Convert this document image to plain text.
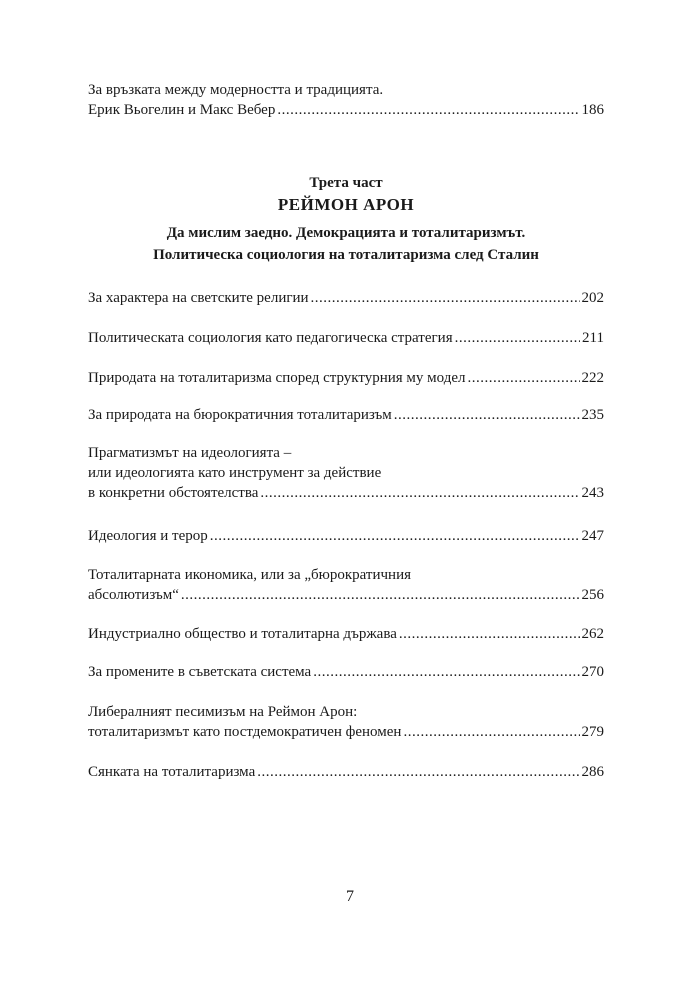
За връзката между модерността и традицията.
Ерик Вьогелин и Макс Вебер .....	186
Трета част
РЕЙМОН АРОН
Да мислим заедно. Демокрацията и тоталитаризмът.
Политическа социология на тоталитаризма след Сталин
За характера на светските религии .....	202
Политическата социология като педагогическа стратегия .....	211
Природата на тоталитаризма според структурния му модел .....	222
За природата на бюрократичния тоталитаризъм .....	235
Прагматизмът на идеологията –
или идеологията като инструмент за действие
в конкретни обстоятелства .....	243
Идеология и терор .....	247
Тоталитарната икономика, или за „бюрократичния
абсолютизъм“ .....	256
Индустриално общество и тоталитарна държава .....	262
За промените в съветската система .....	270
Либералният песимизъм на Реймон Арон:
тоталитаризмът като постдемократичен феномен .....	279
Сянката на тоталитаризма .....	286
7
